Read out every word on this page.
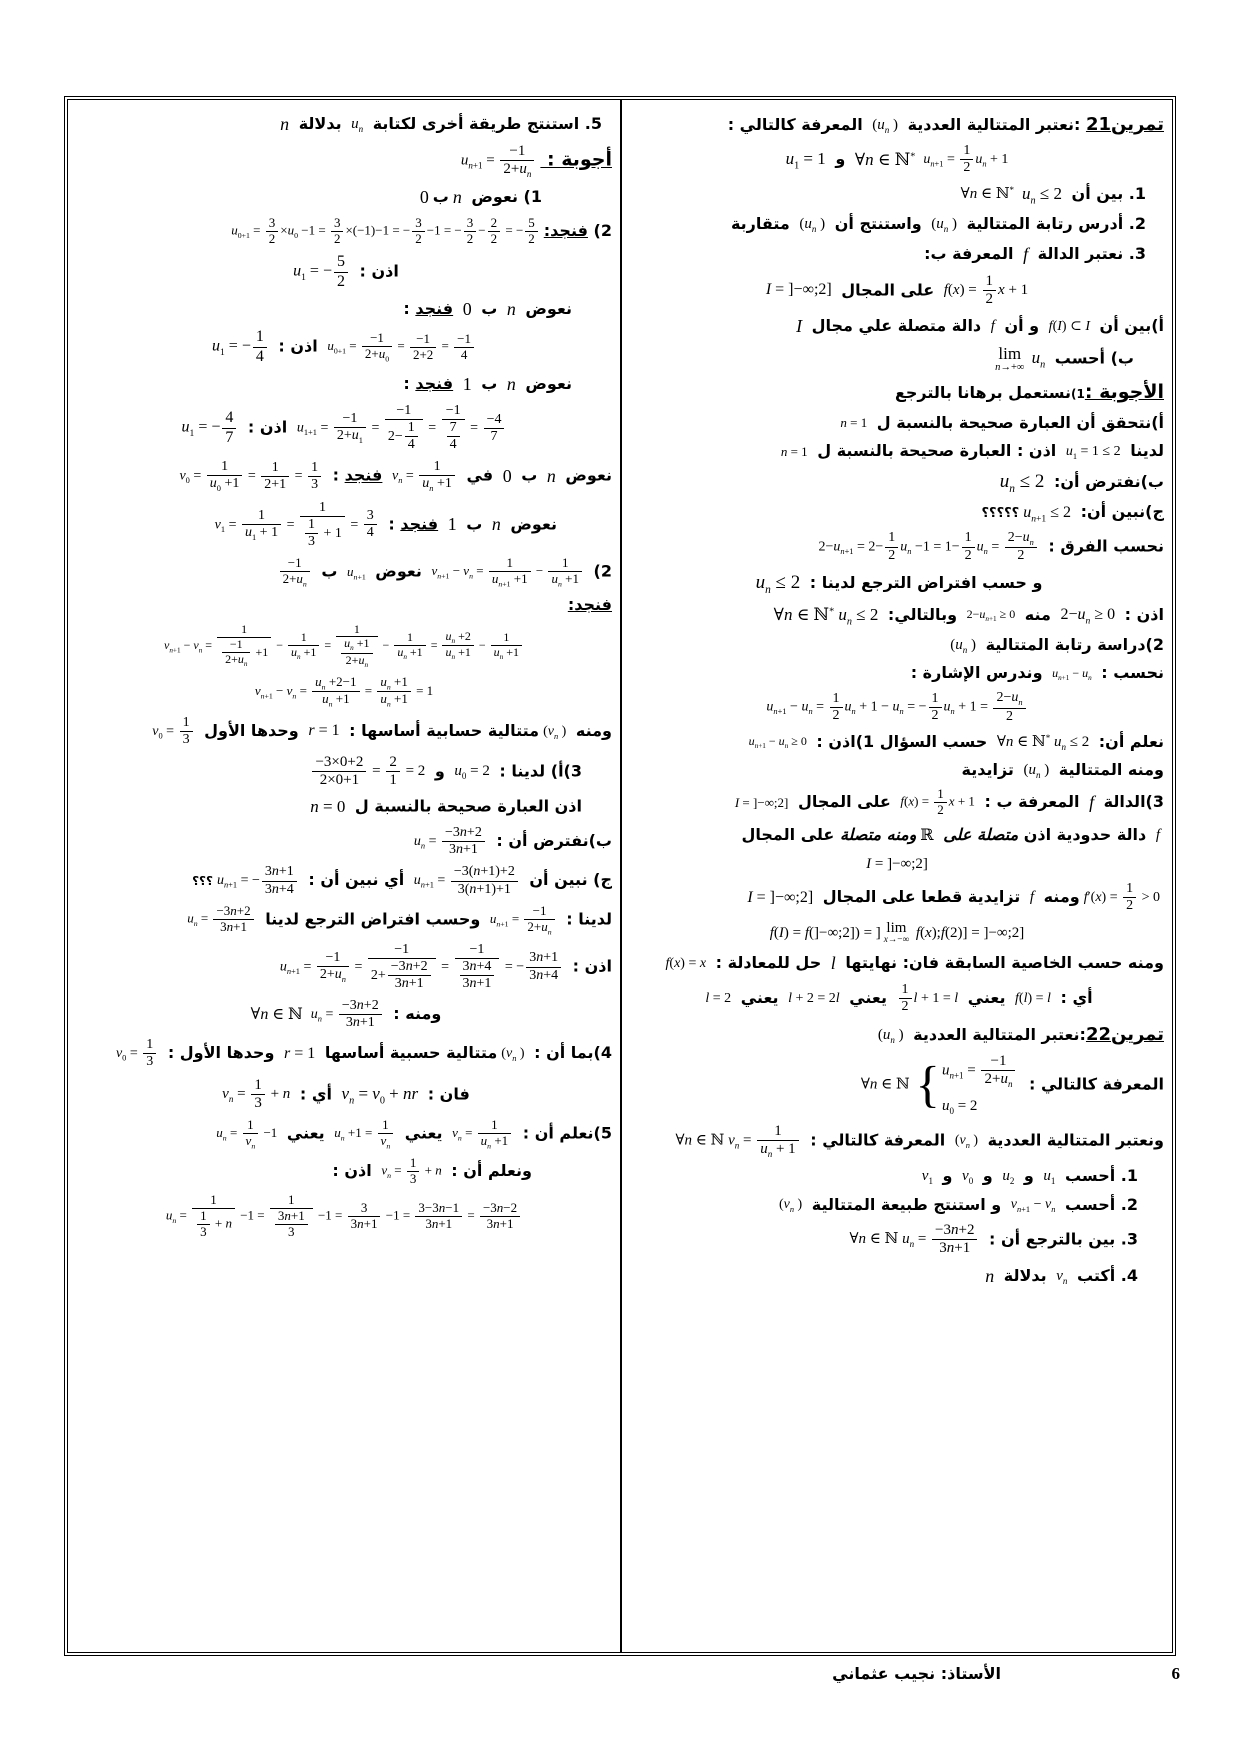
تمرين21 :نعتبر المتتالية العددية ($u_n$ ) المعرفة كالتالي :
$u_{n+1} = \frac{1}{2} u_n$ + 1∀n ∈ ℕ* و $u_1 = 1$
1. بين أن $u_n$ ≤ 2∀n ∈ ℕ*
2. أدرس رتابة المتتالية ($u_n$ ) واستنتج أن ($u_n$ ) متقاربة
3. نعتبر الدالة f المعرفة ب:
$f(x) = \frac{1}{2}$ x + 1 على المجال I = ]−∞;2]
أ)بين أن f(I) ⊂ I و أن f دالة متصلة علي مجال I
ب) أحسب
lim
n→+∞
$u_n$
الأجوبة :1)نستعمل برهانا بالترجع
أ)نتحقق أن العبارة صحيحة بالنسبة ل n = 1
لدينا $u_1 = 1 \le 2$ اذن : العبارة صحيحة بالنسبة ل n = 1
ب)نفترض أن: $u_n \le 2$
ج)نبين أن: $u_{n+1}$ ≤ 2؟؟؟؟؟
نحسب الفرق : $2-u_{n+1} = 2- \frac{1}{2} u_n -1 = 1- \frac{1}{2} u_n = \frac{2-u_n}{2}$
و حسب افتراض الترجع لدينا : $u_n \le 2$
اذن : $2-u_n \ge 0$ منه $2-u_{n+1} \ge 0$ وبالتالي: ∀n ∈ ℕ* $u_n \le 2$
2)دراسة رتابة المتتالية ($u_n$ )
نحسب : $u_{n+1} - u_n$ وندرس الإشارة :
$u_{n+1} - u_n = \frac{1}{2} u_n + 1 - u_n$ = − $\frac{1}{2} u_n + 1 = \frac{2-u_n}{2}$
نعلم أن: ∀n ∈ ℕ* $u_n \le 2$ حسب السؤال 1)اذن : $u_{n+1} - u_n \ge 0$
ومنه المتتالية ($u_n$ ) تزايدية
3)الدالة f المعرفة ب : $f(x) = \frac{1}{2}$ x + 1 على المجال I = ]−∞;2]
f دالة حدودية اذن متصلة على ℝومنه متصلة على المجال
I = ]−∞;2]
$f'(x) = \frac{1}{2}$ > 0ومنه f تزايدية قطعا على المجال I = ]−∞;2]
f(I) = f(]−∞;2]) = ] lim
x→−∞ f(x);f(2)] = ]−∞;2]
ومنه حسب الخاصية السابقة فان: نهايتها l حل للمعادلة : f(x) = x
أي : f(l) = l يعني
$\frac{1}{2}$ l + 1 = l يعني l + 2 = 2l يعني l = 2
تمرين22:نعتبر المتتالية العددية ($u_n$ )
المعرفة كالتالي : ∀n ∈ ℕ { $u_{n+1} = \frac{-1}{2+u_n}$
$u_0 = 2$
ونعتبر المتتالية العددية ($v_n$ ) المعرفة كالتالي : ∀n ∈ ℕ $v_n = \frac{1}{u_n + 1}$
1. أحسب $u_1$ و $u_2$ و $v_0$ و $v_1$
2. أحسب $v_{n+1} - v_n$ و استنتج طبيعة المتتالية ($v_n$ )
3. بين بالترجع أن : ∀n ∈ ℕ $u_n = \frac{-3n+2}{3n+1}$
4. أكتب $v_n$ بدلالة n
5. استنتج طريقة أخرى لكتابة $u_n$ بدلالة n
أجوبة : $u_{n+1} = \frac{-1}{2+u_n}$
1) نعوض nب0
2) $فنجد:u_{0+1} = \frac{3}{2} \times u_0 -1 = \frac{3}{2} \times(-1)-1$ = − $\frac{3}{2} -1$ = − $\frac{3}{2} - \frac{2}{2}$ = − $\frac{5}{2}$
اذن : $u_1$ = − $\frac{5}{2}$
نعوض n ب 0 فنجد :
$u_{0+1} = \frac{-1}{2+u_0} = \frac{-1}{2+2} = \frac{-1}{4}$
اذن : $u_1$ = − $\frac{1}{4}$
نعوض n ب 1 فنجد :
$u_{1+1} = \frac{-1}{2+u_1} = \frac{-1}{2- \frac{1}{4}} = \frac{-1}{\frac{7}{4}} = \frac{-4}{7}$
اذن : $u_1$ = − $\frac{4}{7}$
نعوض n ب 0 في $v_n = \frac{1}{u_n +1}$
فنجد : $v_0 = \frac{1}{u_0 +1} = \frac{1}{2+1} = \frac{1}{3}$
نعوض n ب 1 فنجد : $v_1 = \frac{1}{u_1 + 1} = \frac{1}{\frac{1}{3} + 1} = \frac{3}{4}$
2) $v_{n+1} - v_n = \frac{1}{u_{n+1} +1} - \frac{1}{u_n +1}$
نعوض $u_{n+1}$ ب
$\frac{-1}{2+u_n}$
فنجد:
$v_{n+1} - v_n = \frac{1}{\frac{-1}{2+u_n} +1} - \frac{1}{u_n +1} = \frac{1}{\frac{u_n +1}{2+u_n}} - \frac{1}{u_n +1} = \frac{u_n +2}{u_n +1} - \frac{1}{u_n +1}$
$v_{n+1} - v_n = \frac{u_n +2-1}{u_n +1} = \frac{u_n +1}{u_n +1} = 1$
ومنه ($v_n$ )متتالية حسابية أساسها : r = 1 وحدها الأول $v_0 = \frac{1}{3}$
3)أ) لدينا : $u_0 = 2$ و
$\frac{-3\times 0+2}{2\times 0+1} = \frac{2}{1} = 2$
اذن العبارة صحيحة بالنسبة ل n = 0
ب)نفترض أن : $u_n = \frac{-3n+2}{3n+1}$
ج) نبين أن $u_{n+1} = \frac{-3(n+1)+2}{3(n+1)+1}$
أي نبين أن : $u_{n+1}$ = − $\frac{3n+1}{3n+4}$
؟؟؟
لدينا : $u_{n+1} = \frac{-1}{2+u_n}$
وحسب افتراض الترجع لدينا $u_n = \frac{-3n+2}{3n+1}$
اذن : $u_{n+1} = \frac{-1}{2+u_n} = \frac{-1}{2+ \frac{-3n+2}{3n+1}} = \frac{-1}{\frac{3n+4}{3n+1}}$ = − $\frac{3n+1}{3n+4}$
ومنه : $u_n = \frac{-3n+2}{3n+1}$
∀n ∈ ℕ
4)بما أن : ($v_n$ )متتالية حسبية أساسها r = 1 وحدها الأول : $v_0 = \frac{1}{3}$
فان : $v_n = v_0$ + nr أي : $v_n = \frac{1}{3} + n$
5)نعلم أن : $v_n = \frac{1}{u_n +1}$
يعني $u_n +1 = \frac{1}{v_n}$
يعني $u_n = \frac{1}{v_n} -1$
ونعلم أن : $v_n = \frac{1}{3} + n$ اذن :
$u_n = \frac{1}{\frac{1}{3} + n} -1 = \frac{1}{\frac{3n+1}{3}} -1 = \frac{3}{3n+1} -1 = \frac{3-3n-1}{3n+1} = \frac{-3n-2}{3n+1}$
الأستاذ: نجيب عثماني	6
